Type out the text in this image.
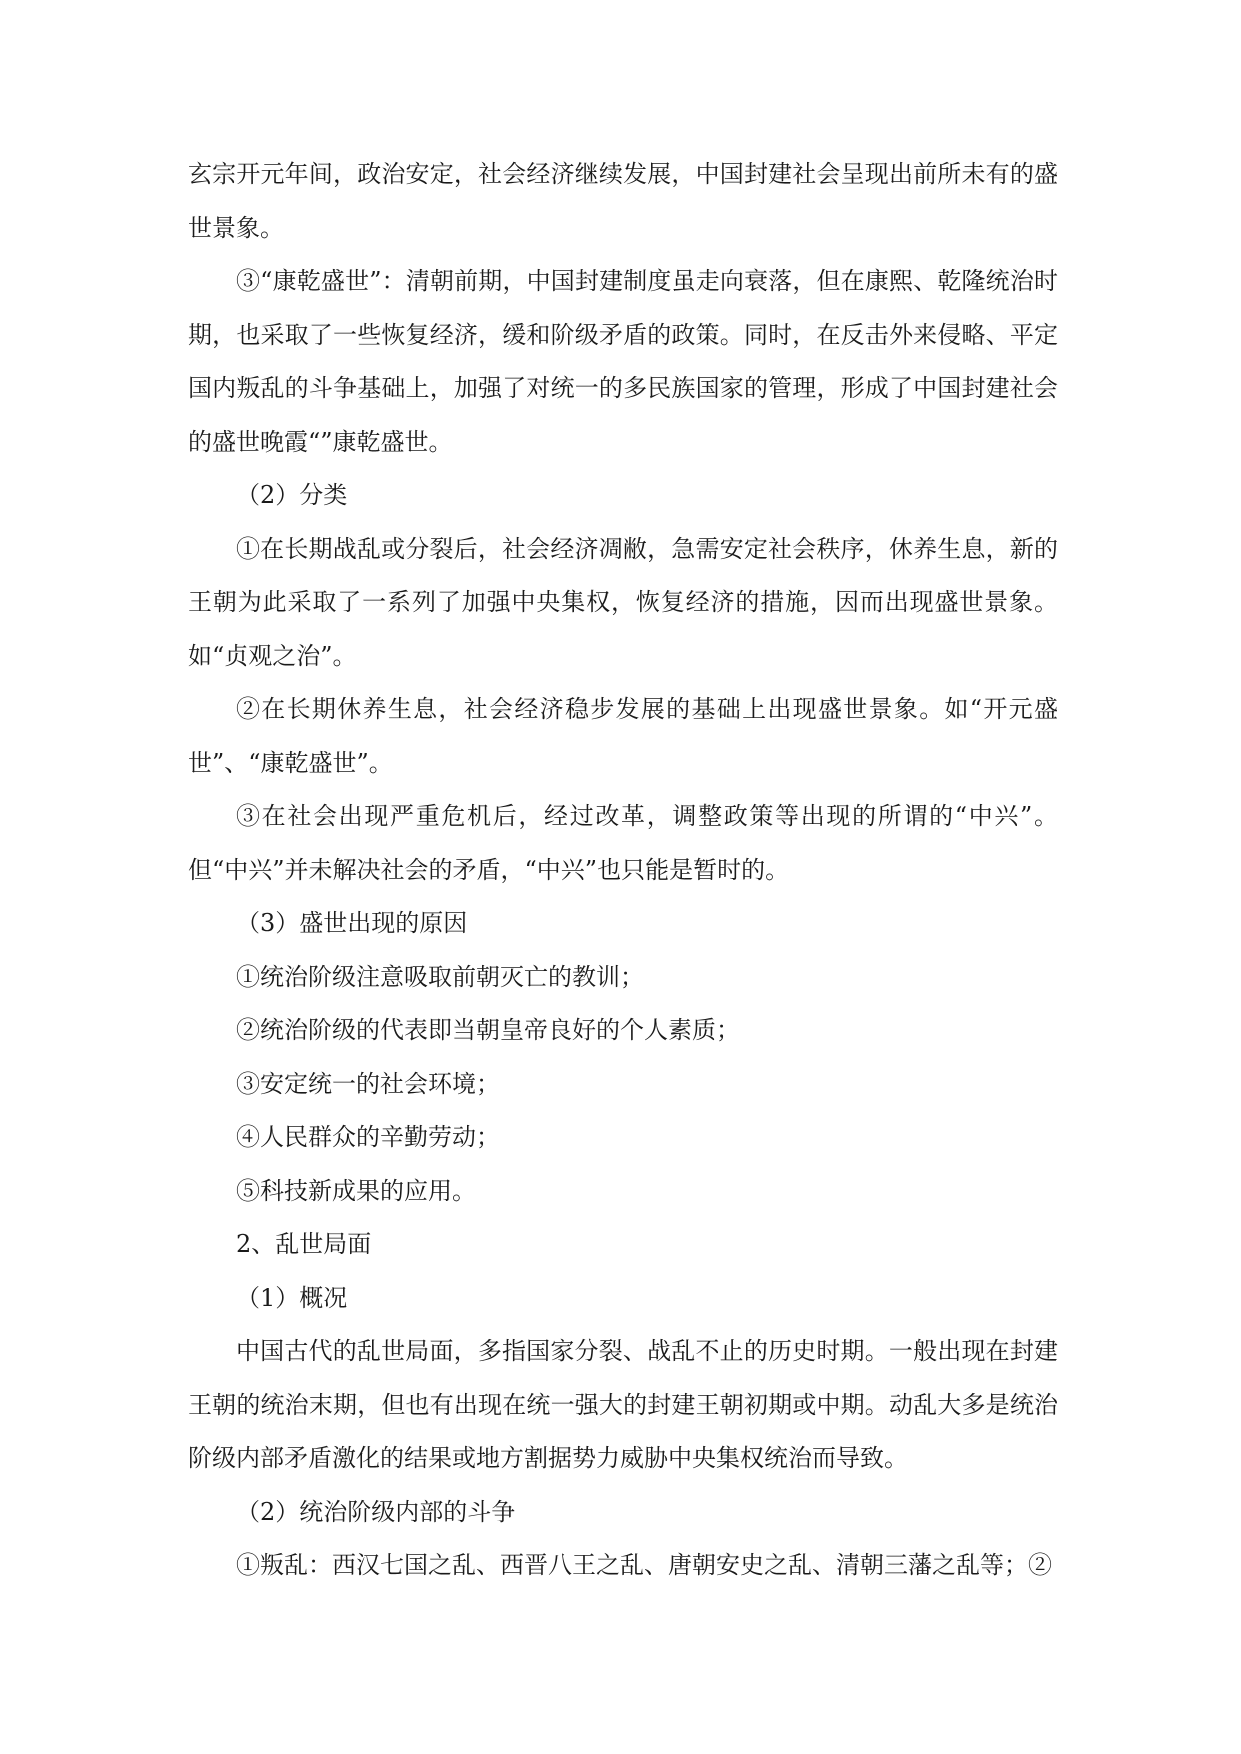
玄宗开元年间，政治安定，社会经济继续发展，中国封建社会呈现出前所未有的盛世景象。

③“康乾盛世”：清朝前期，中国封建制度虽走向衰落，但在康熙、乾隆统治时期，也采取了一些恢复经济，缓和阶级矛盾的政策。同时，在反击外来侵略、平定国内叛乱的斗争基础上，加强了对统一的多民族国家的管理，形成了中国封建社会的盛世晚霞“”康乾盛世。

（2）分类

①在长期战乱或分裂后，社会经济凋敝，急需安定社会秩序，休养生息，新的王朝为此采取了一系列了加强中央集权，恢复经济的措施，因而出现盛世景象。如“贞观之治”。

②在长期休养生息，社会经济稳步发展的基础上出现盛世景象。如“开元盛世”、“康乾盛世”。

③在社会出现严重危机后，经过改革，调整政策等出现的所谓的“中兴”。但“中兴”并未解决社会的矛盾，“中兴”也只能是暂时的。

（3）盛世出现的原因

①统治阶级注意吸取前朝灭亡的教训；

②统治阶级的代表即当朝皇帝良好的个人素质；

③安定统一的社会环境；

④人民群众的辛勤劳动；

⑤科技新成果的应用。

2、乱世局面

（1）概况

中国古代的乱世局面，多指国家分裂、战乱不止的历史时期。一般出现在封建王朝的统治末期，但也有出现在统一强大的封建王朝初期或中期。动乱大多是统治阶级内部矛盾激化的结果或地方割据势力威胁中央集权统治而导致。

（2）统治阶级内部的斗争

①叛乱：西汉七国之乱、西晋八王之乱、唐朝安史之乱、清朝三藩之乱等；②
